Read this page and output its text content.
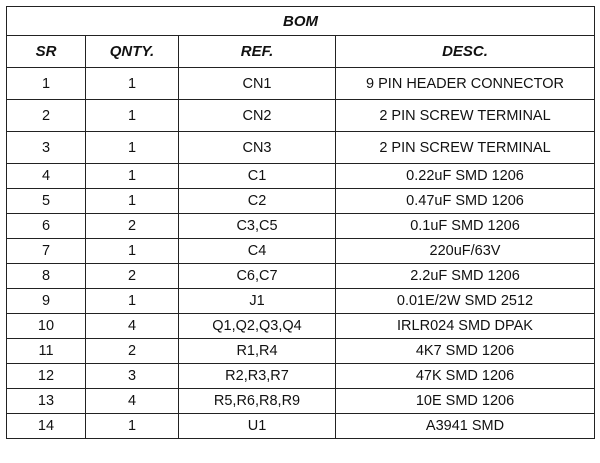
BOM			
SR	QNTY.	REF.	DESC.
1	1	CN1	9 PIN HEADER CONNECTOR
2	1	CN2	2 PIN SCREW TERMINAL
3	1	CN3	2 PIN SCREW TERMINAL
4	1	C1	0.22uF SMD 1206
5	1	C2	0.47uF SMD 1206
6	2	C3,C5	0.1uF SMD 1206
7	1	C4	220uF/63V
8	2	C6,C7	2.2uF SMD 1206
9	1	J1	0.01E/2W SMD 2512
10	4	Q1,Q2,Q3,Q4	IRLR024 SMD DPAK
11	2	R1,R4	4K7 SMD 1206
12	3	R2,R3,R7	47K SMD 1206
13	4	R5,R6,R8,R9	10E SMD 1206
14	1	U1	A3941 SMD
